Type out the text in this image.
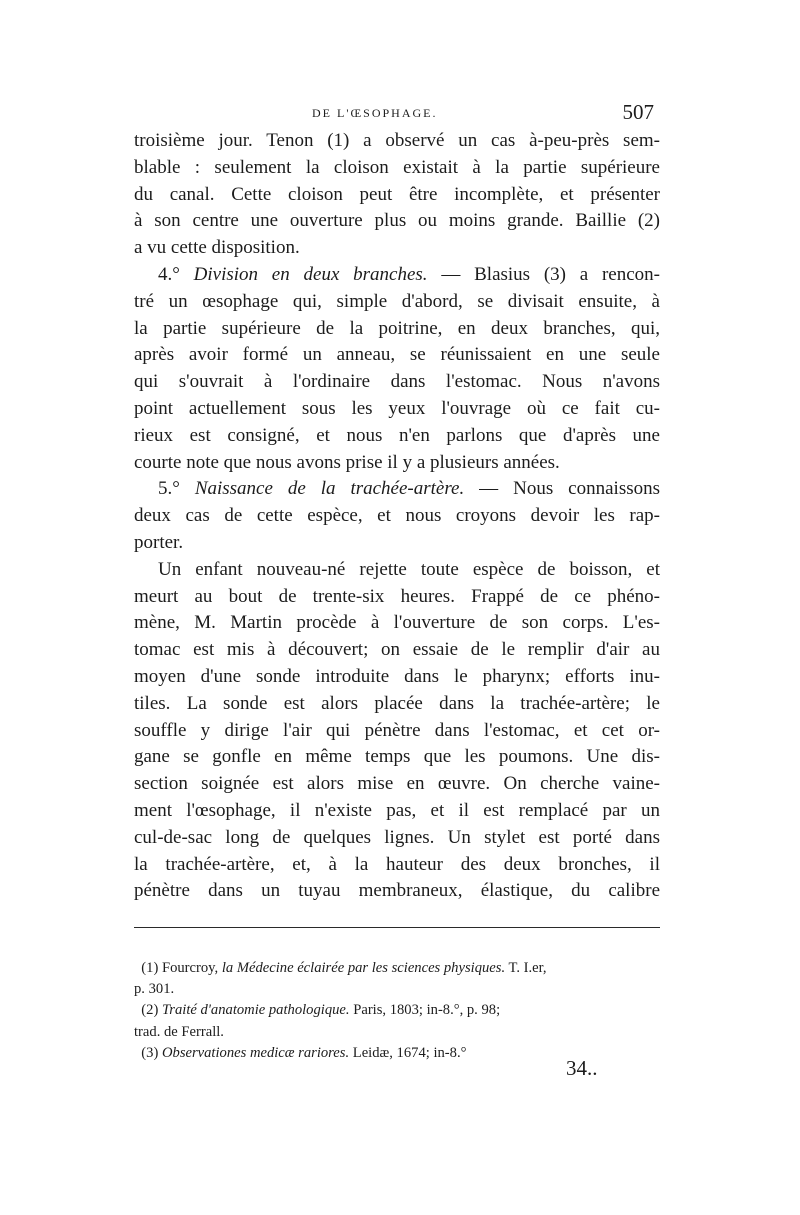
DE L'ŒSOPHAGE.	507
troisième jour. Tenon (1) a observé un cas à-peu-près sem-
blable : seulement la cloison existait à la partie supérieure
du canal. Cette cloison peut être incomplète, et présenter
à son centre une ouverture plus ou moins grande. Baillie (2)
a vu cette disposition.
4.° Division en deux branches. — Blasius (3) a rencon-
tré un œsophage qui, simple d'abord, se divisait ensuite, à
la partie supérieure de la poitrine, en deux branches, qui,
après avoir formé un anneau, se réunissaient en une seule
qui s'ouvrait à l'ordinaire dans l'estomac. Nous n'avons
point actuellement sous les yeux l'ouvrage où ce fait cu-
rieux est consigné, et nous n'en parlons que d'après une
courte note que nous avons prise il y a plusieurs années.
5.° Naissance de la trachée-artère. — Nous connaissons
deux cas de cette espèce, et nous croyons devoir les rap-
porter.
Un enfant nouveau-né rejette toute espèce de boisson, et
meurt au bout de trente-six heures. Frappé de ce phéno-
mène, M. Martin procède à l'ouverture de son corps. L'es-
tomac est mis à découvert; on essaie de le remplir d'air au
moyen d'une sonde introduite dans le pharynx; efforts inu-
tiles. La sonde est alors placée dans la trachée-artère; le
souffle y dirige l'air qui pénètre dans l'estomac, et cet or-
gane se gonfle en même temps que les poumons. Une dis-
section soignée est alors mise en œuvre. On cherche vaine-
ment l'œsophage, il n'existe pas, et il est remplacé par un
cul-de-sac long de quelques lignes. Un stylet est porté dans
la trachée-artère, et, à la hauteur des deux bronches, il
pénètre dans un tuyau membraneux, élastique, du calibre
(1) Fourcroy, la Médecine éclairée par les sciences physiques. T. I.er,
p. 301.
(2) Traité d'anatomie pathologique. Paris, 1803; in-8.°, p. 98;
trad. de Ferrall.
(3) Observationes medicæ rariores. Leidæ, 1674; in-8.°
34..
